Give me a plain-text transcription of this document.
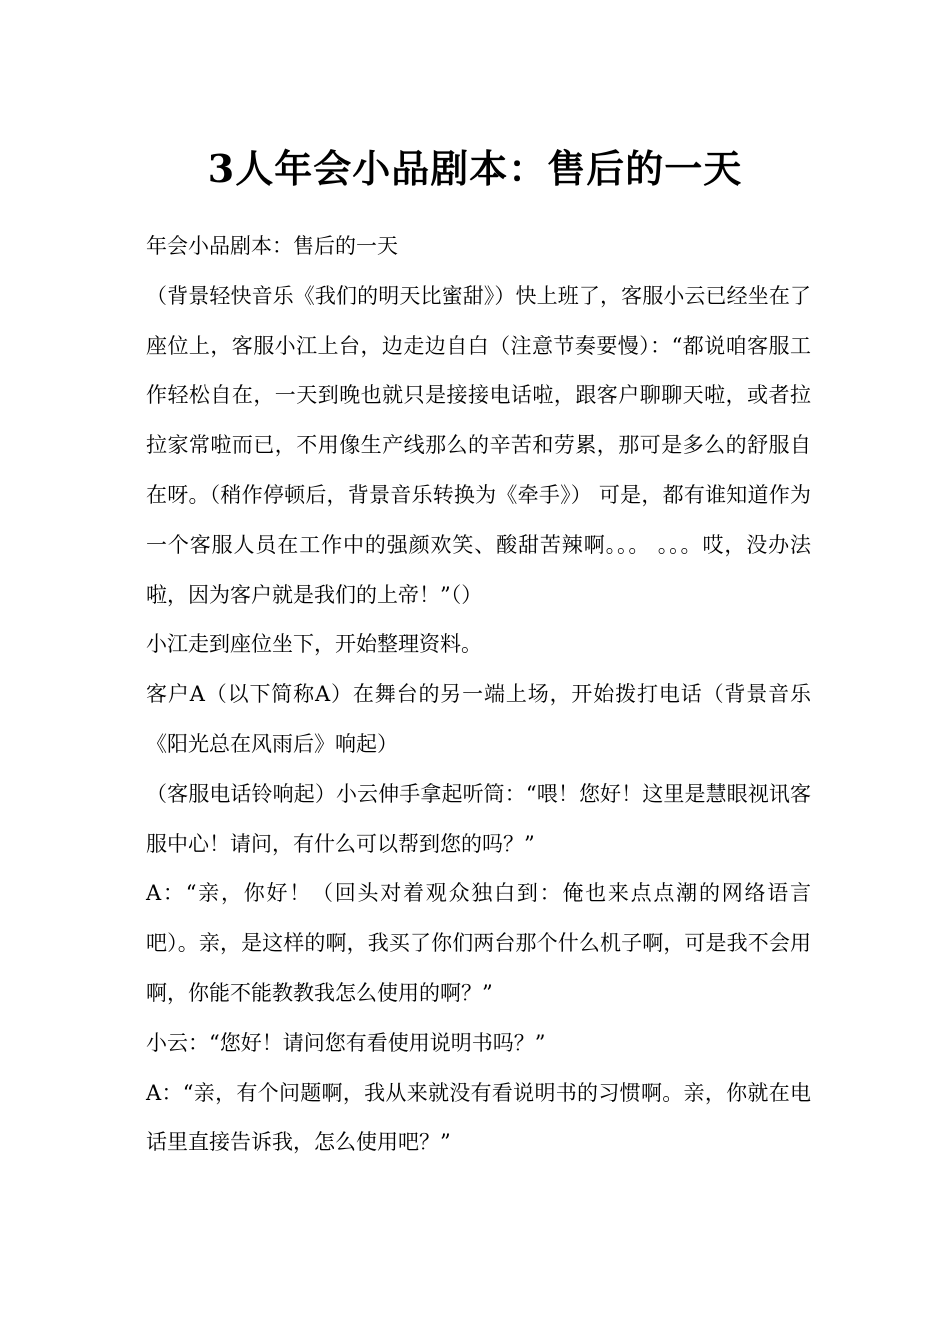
3人年会小品剧本：售后的一天

年会小品剧本：售后的一天

（背景轻快音乐《我们的明天比蜜甜》）快上班了，客服小云已经坐在了座位上，客服小江上台，边走边自白（注意节奏要慢）：“都说咱客服工作轻松自在，一天到晚也就只是接接电话啦，跟客户聊聊天啦，或者拉拉家常啦而已，不用像生产线那么的辛苦和劳累，那可是多么的舒服自在呀。（稍作停顿后，背景音乐转换为《牵手》） 可是，都有谁知道作为一个客服人员在工作中的强颜欢笑、酸甜苦辣啊。。。 。。。哎，没办法啦，因为客户就是我们的上帝！”（）

小江走到座位坐下，开始整理资料。

客户A（以下简称A）在舞台的另一端上场，开始拨打电话（背景音乐《阳光总在风雨后》响起）

（客服电话铃响起）小云伸手拿起听筒：“喂！您好！这里是慧眼视讯客服中心！请问，有什么可以帮到您的吗？”

A：“亲，你好！（回头对着观众独白到：俺也来点点潮的网络语言吧）。亲，是这样的啊，我买了你们两台那个什么机子啊，可是我不会用啊，你能不能教教我怎么使用的啊？”

小云：“您好！请问您有看使用说明书吗？”

A：“亲，有个问题啊，我从来就没有看说明书的习惯啊。亲，你就在电话里直接告诉我，怎么使用吧？”
